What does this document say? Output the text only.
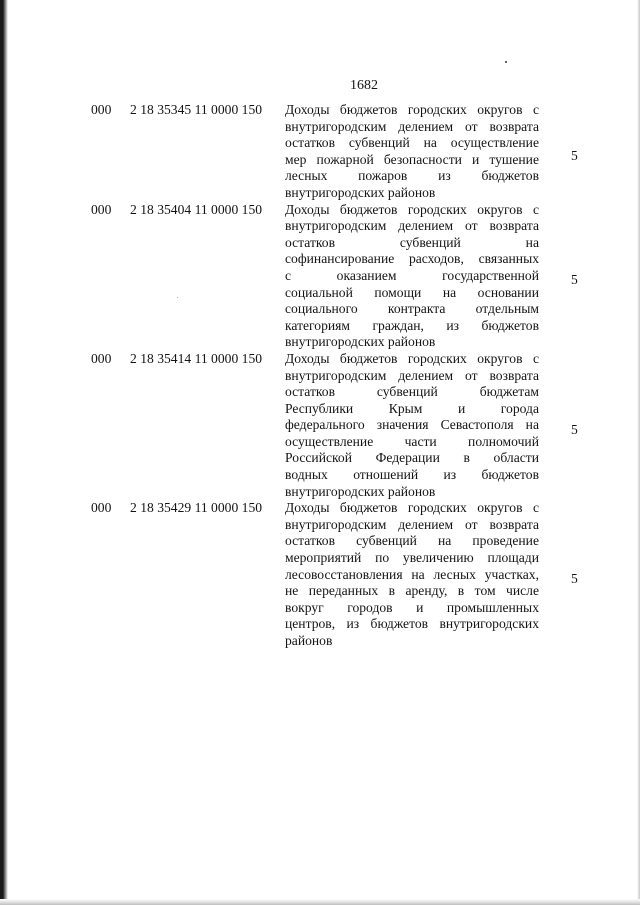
1682
000 2 18 35345 11 0000 150 Доходы бюджетов городских округов с
внутригородским делением от возврата
остатков субвенций на осуществление
мер пожарной безопасности и тушение
лесных пожаров из бюджетов
внутригородских районов
5
000 2 18 35404 11 0000 150 Доходы бюджетов городских округов с
внутригородским делением от возврата
остатков субвенций на
софинансирование расходов, связанных
с оказанием государственной
социальной помощи на основании
социального контракта отдельным
категориям граждан, из бюджетов
внутригородских районов
5
000 2 18 35414 11 0000 150 Доходы бюджетов городских округов с
внутригородским делением от возврата
остатков субвенций бюджетам
Республики Крым и города
федерального значения Севастополя на
осуществление части полномочий
Российской Федерации в области
водных отношений из бюджетов
внутригородских районов
5
000 2 18 35429 11 0000 150 Доходы бюджетов городских округов с
внутригородским делением от возврата
остатков субвенций на проведение
мероприятий по увеличению площади
лесовосстановления на лесных участках,
не переданных в аренду, в том числе
вокруг городов и промышленных
центров, из бюджетов внутригородских
районов
5
